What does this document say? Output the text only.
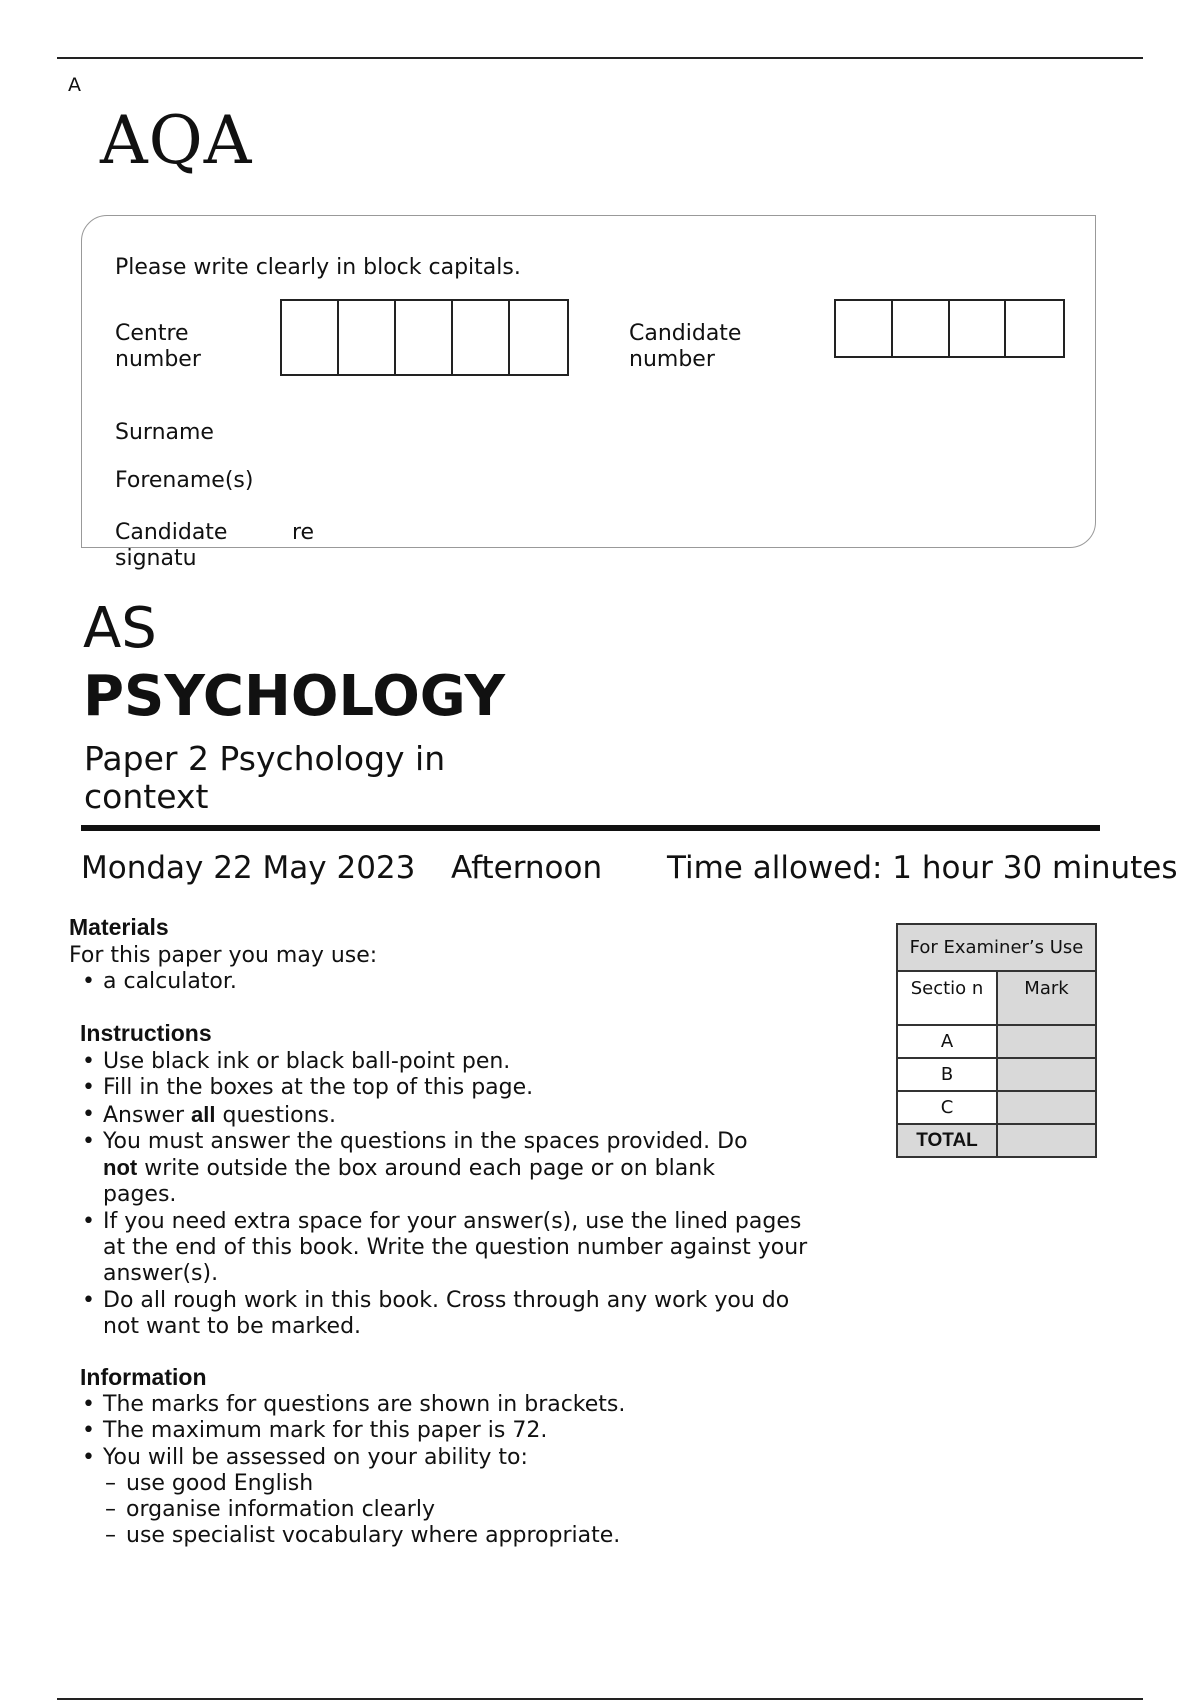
A
AQA
Please write clearly in block capitals.
Centre
number
Candidate
number
Surname
Forename(s)
Candidate
signatu
re
AS
PSYCHOLOGY
Paper 2 Psychology in context
Monday 22 May 2023 Afternoon Time allowed: 1 hour 30 minutes
Materials
For this paper you may use:
• a calculator.
Instructions
• Use black ink or black ball-point pen.
• Fill in the boxes at the top of this page.
• Answer all questions.
• You must answer the questions in the spaces provided. Do not write outside the box around each page or on blank pages.
• If you need extra space for your answer(s), use the lined pages at the end of this book. Write the question number against your answer(s).
• Do all rough work in this book. Cross through any work you do not want to be marked.
Information
• The marks for questions are shown in brackets.
• The maximum mark for this paper is 72.
• You will be assessed on your ability to:
– use good English
– organise information clearly
– use specialist vocabulary where appropriate.
For Examiner’s Use	
Sectio n	Mark
A	
B	
C	
TOTAL	
